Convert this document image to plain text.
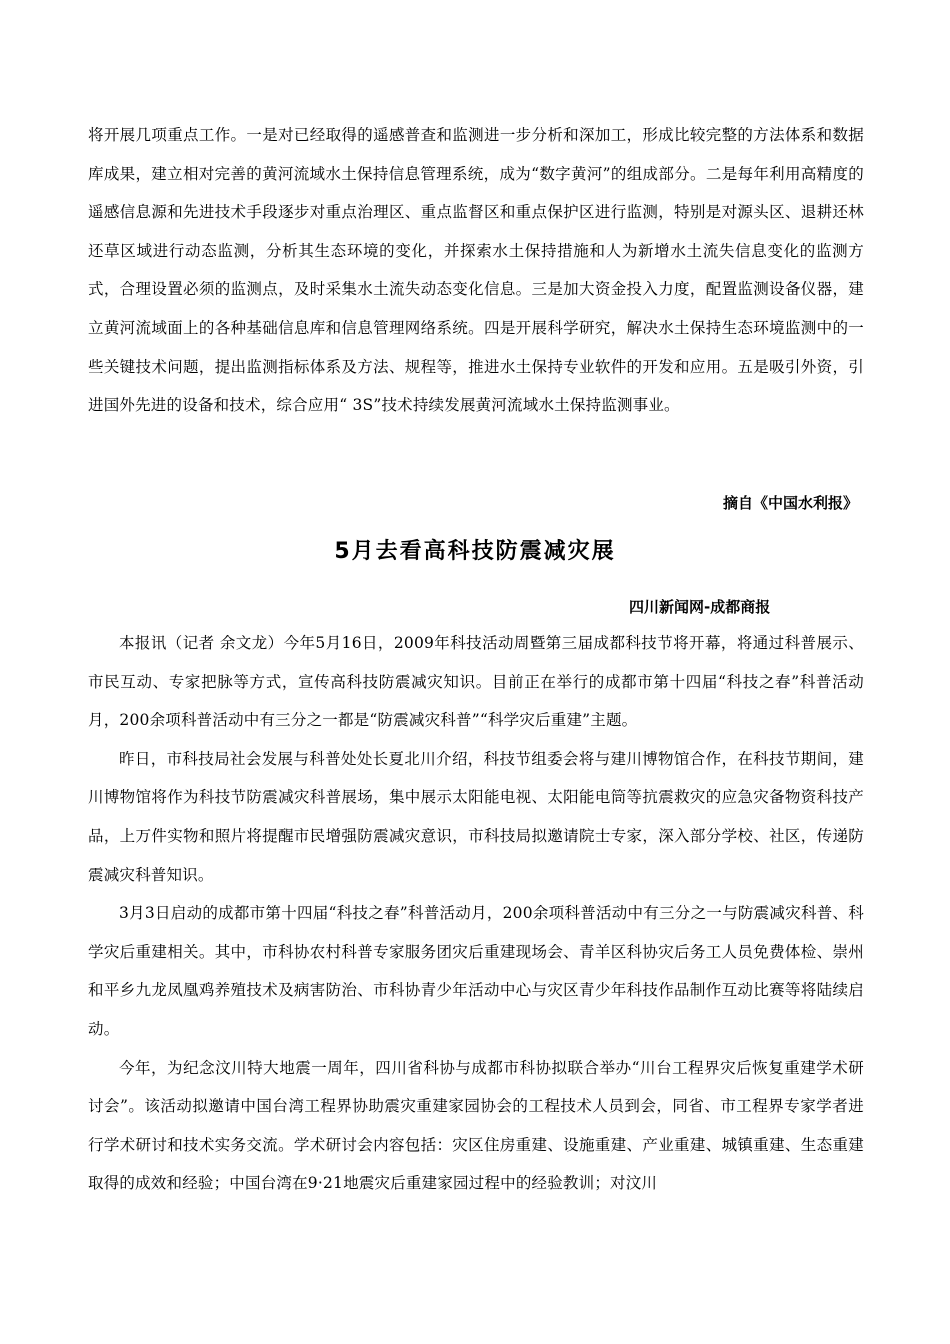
将开展几项重点工作。一是对已经取得的遥感普查和监测进一步分析和深加工，形成比较完整的方法体系和数据库成果，建立相对完善的黄河流域水土保持信息管理系统，成为“数字黄河”的组成部分。二是每年利用高精度的遥感信息源和先进技术手段逐步对重点治理区、重点监督区和重点保护区进行监测，特别是对源头区、退耕还林还草区域进行动态监测，分析其生态环境的变化，并探索水土保持措施和人为新增水土流失信息变化的监测方式，合理设置必须的监测点，及时采集水土流失动态变化信息。三是加大资金投入力度，配置监测设备仪器，建立黄河流域面上的各种基础信息库和信息管理网络系统。四是开展科学研究，解决水土保持生态环境监测中的一些关键技术问题，提出监测指标体系及方法、规程等，推进水土保持专业软件的开发和应用。五是吸引外资，引进国外先进的设备和技术，综合应用“ 3S”技术持续发展黄河流域水土保持监测事业。

摘自《中国水利报》
5月去看高科技防震减灾展
四川新闻网-成都商报

本报讯（记者 余文龙）今年5月16日，2009年科技活动周暨第三届成都科技节将开幕，将通过科普展示、市民互动、专家把脉等方式，宣传高科技防震减灾知识。目前正在举行的成都市第十四届“科技之春”科普活动月，200余项科普活动中有三分之一都是“防震减灾科普”“科学灾后重建”主题。

昨日，市科技局社会发展与科普处处长夏北川介绍，科技节组委会将与建川博物馆合作，在科技节期间，建川博物馆将作为科技节防震减灾科普展场，集中展示太阳能电视、太阳能电筒等抗震救灾的应急灾备物资科技产品，上万件实物和照片将提醒市民增强防震减灾意识，市科技局拟邀请院士专家，深入部分学校、社区，传递防震减灾科普知识。

3月3日启动的成都市第十四届“科技之春”科普活动月，200余项科普活动中有三分之一与防震减灾科普、科学灾后重建相关。其中，市科协农村科普专家服务团灾后重建现场会、青羊区科协灾后务工人员免费体检、崇州和平乡九龙凤凰鸡养殖技术及病害防治、市科协青少年活动中心与灾区青少年科技作品制作互动比赛等将陆续启动。

今年，为纪念汶川特大地震一周年，四川省科协与成都市科协拟联合举办“川台工程界灾后恢复重建学术研讨会”。该活动拟邀请中国台湾工程界协助震灾重建家园协会的工程技术人员到会，同省、市工程界专家学者进行学术研讨和技术实务交流。学术研讨会内容包括：灾区住房重建、设施重建、产业重建、城镇重建、生态重建取得的成效和经验；中国台湾在9·21地震灾后重建家园过程中的经验教训；对汶川
